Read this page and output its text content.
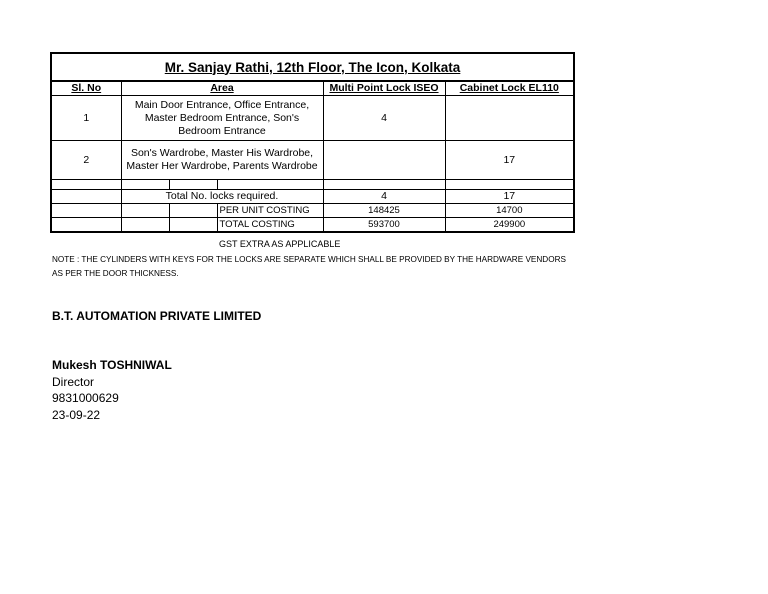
Mr. Sanjay Rathi, 12th Floor, The Icon, Kolkata					
Sl. No	Area			Multi Point Lock ISEO	Cabinet Lock EL110
1	Main Door Entrance, Office Entrance, Master Bedroom Entrance, Son's Bedroom Entrance			4	
2	Son's Wardrobe, Master His Wardrobe, Master Her Wardrobe, Parents Wardrobe				17

	Total No. locks required.			4	17
			PER UNIT COSTING	148425	14700
			TOTAL COSTING	593700	249900
GST EXTRA AS APPLICABLE
NOTE : THE CYLINDERS WITH KEYS FOR THE LOCKS ARE SEPARATE WHICH SHALL BE PROVIDED BY THE HARDWARE VENDORS AS PER THE DOOR THICKNESS.
B.T. AUTOMATION PRIVATE LIMITED
Mukesh TOSHNIWAL
Director
9831000629
23-09-22
